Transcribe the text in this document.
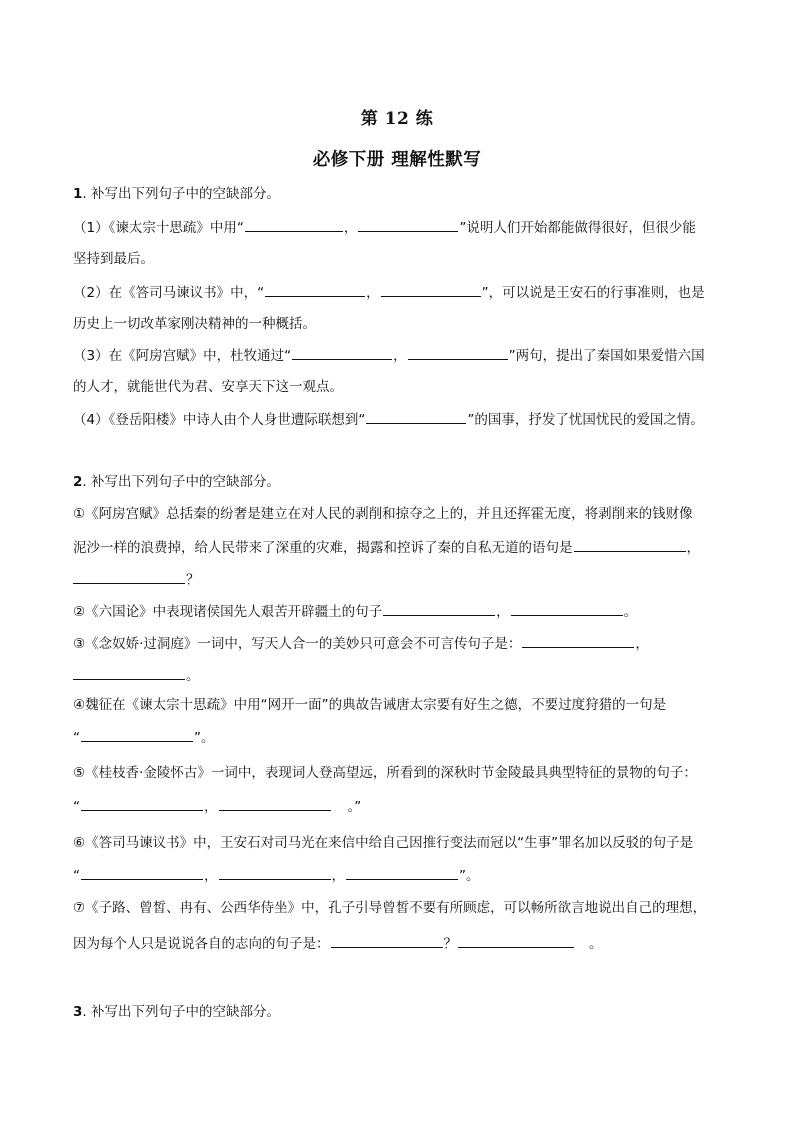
第 12 练
必修下册 理解性默写
1. 补写出下列句子中的空缺部分。
（1）《谏太宗十思疏》中用“	，	”说明人们开始都能做得很好，但很少能
坚持到最后。
（2）在《答司马谏议书》中，“	，	”，可以说是王安石的行事准则，也是
历史上一切改革家刚决精神的一种概括。
（3）在《阿房宫赋》中，杜牧通过“	，	”两句，提出了秦国如果爱惜六国
的人才，就能世代为君、安享天下这一观点。
（4）《登岳阳楼》中诗人由个人身世遭际联想到“	”的国事，抒发了忧国忧民的爱国之情。
2. 补写出下列句子中的空缺部分。
①《阿房宫赋》总括秦的纷奢是建立在对人民的剥削和掠夺之上的，并且还挥霍无度，将剥削来的钱财像
泥沙一样的浪费掉，给人民带来了深重的灾难，揭露和控诉了秦的自私无道的语句是	，
？
②《六国论》中表现诸侯国先人艰苦开辟疆土的句子	，	。
③《念奴娇·过洞庭》一词中，写天人合一的美妙只可意会不可言传句子是：	，
。
④魏征在《谏太宗十思疏》中用“网开一面”的典故告诫唐太宗要有好生之德，不要过度狩猎的一句是
“	”。
⑤《桂枝香·金陵怀古》一词中，表现词人登高望远，所看到的深秋时节金陵最具典型特征的景物的句子：
“	，	。”
⑥《答司马谏议书》中，王安石对司马光在来信中给自己因推行变法而冠以“生事”罪名加以反驳的句子是
“	，	，	”。
⑦《子路、曾皙、冉有、公西华侍坐》中，孔子引导曾皙不要有所顾虑，可以畅所欲言地说出自己的理想，
因为每个人只是说说各自的志向的句子是：	？	。
3. 补写出下列句子中的空缺部分。
